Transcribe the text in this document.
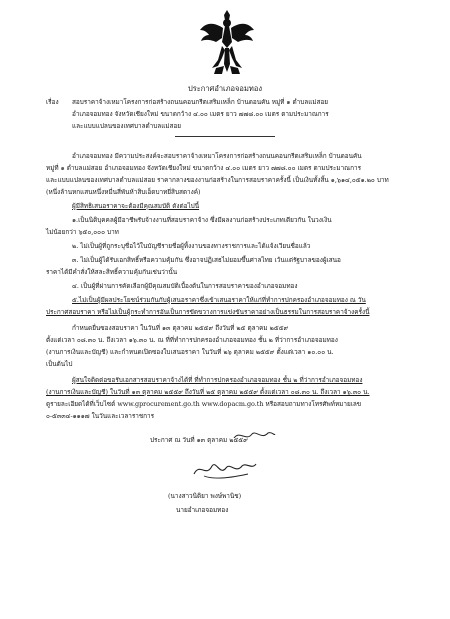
ประกาศอำเภอจอมทอง
เรื่อง สอบราคาจ้างเหมาโครงการก่อสร้างถนนคอนกรีตเสริมเหล็ก บ้านดอนคัน หมู่ที่ ๑ ตำบลแม่สอย
อำเภอจอมทอง จังหวัดเชียงใหม่ ขนาดกว้าง ๔.๐๐ เมตร ยาว ๗๗๘.๐๐ เมตร ตามประมาณการ
และแบบแปลนของเทศบาลตำบลแม่สอย
อำเภอจอมทอง มีความประสงค์จะสอบราคาจ้างเหมาโครงการก่อสร้างถนนคอนกรีตเสริมเหล็ก บ้านดอนคัน
หมู่ที่ ๑ ตำบลแม่สอย อำเภอจอมทอง จังหวัดเชียงใหม่ ขนาดกว้าง ๔.๐๐ เมตร ยาว ๗๗๘.๐๐ เมตร ตามประมาณการ
และแบบแปลนของเทศบาลตำบลแม่สอย ราคากลางของงานก่อสร้างในการสอบราคาครั้งนี้ เป็นเงินทั้งสิ้น ๑,๖๑๔,๐๕๑.๒๐ บาท
(หนึ่งล้านหกแสนหนึ่งหมื่นสี่พันห้าสิบเอ็ดบาทยี่สิบสตางค์)
ผู้มีสิทธิเสนอราคาจะต้องมีคุณสมบัติ ดังต่อไปนี้
๑.เป็นนิติบุคคลผู้มีอาชีพรับจ้างงานที่สอบราคาจ้าง ซึ่งมีผลงานก่อสร้างประเภทเดียวกัน ในวงเงิน
ไม่น้อยกว่า ๖๕๐,๐๐๐ บาท
๒. ไม่เป็นผู้ที่ถูกระบุชื่อไว้ในบัญชีรายชื่อผู้ทิ้งงานของทางราชการและได้แจ้งเวียนชื่อแล้ว
๓. ไม่เป็นผู้ได้รับเอกสิทธิ์หรือความคุ้มกัน ซึ่งอาจปฏิเสธไม่ยอมขึ้นศาลไทย เว้นแต่รัฐบาลของผู้เสนอ
ราคาได้มีคำสั่งให้สละสิทธิ์ความคุ้มกันเช่นว่านั้น
๔. เป็นผู้ที่ผ่านการคัดเลือกผู้มีคุณสมบัติเบื้องต้นในการสอบราคาของอำเภอจอมทอง
๕.ไม่เป็นผู้มีผลประโยชน์ร่วมกันกับผู้เสนอราคาซึ่งเข้าเสนอราคาให้แก่ที่ทำการปกครองอำเภอจอมทอง ณ วัน
ประกาศสอบราคา หรือไม่เป็นผู้กระทำการอันเป็นการขัดขวางการแข่งขันราคาอย่างเป็นธรรมในการสอบราคาจ้างครั้งนี้
กำหนดยื่นซองสอบราคา ในวันที่ ๑๓ ตุลาคม ๒๕๕๙ ถึงวันที่ ๒๕ ตุลาคม ๒๕๕๙
ตั้งแต่เวลา ๐๘.๓๐ น. ถึงเวลา ๑๖.๓๐ น. ณ ที่ที่ทำการปกครองอำเภอจอมทอง ชั้น ๒ ที่ว่าการอำเภอจอมทอง
(งานการเงินและบัญชี) และกำหนดเปิดซองใบเสนอราคา ในวันที่ ๒๖ ตุลาคม ๒๕๕๙ ตั้งแต่เวลา ๑๐.๐๐ น.
เป็นต้นไป
ผู้สนใจติดต่อขอรับเอกสารสอบราคาจ้างได้ที่ ที่ทำการปกครองอำเภอจอมทอง ชั้น ๒ ที่ว่าการอำเภอจอมทอง
(งานการเงินและบัญชี) ในวันที่ ๑๓ ตุลาคม ๒๕๕๙ ถึงวันที่ ๒๕ ตุลาคม ๒๕๕๙ ตั้งแต่เวลา ๐๘.๓๐ น. ถึงเวลา ๑๖.๓๐ น.
ดูรายละเอียดได้ที่เว็บไซต์ www.gprocurement.go.th www.dopacm.go.th หรือสอบถามทางโทรศัพท์หมายเลข
๐-๕๓๓๔-๑๑๑๗ ในวันและเวลาราชการ
ประกาศ ณ วันที่ ๑๓ ตุลาคม ๒๕๕๙
(นางสาวนิติยา พงษ์พานิช)
นายอำเภอจอมทอง
